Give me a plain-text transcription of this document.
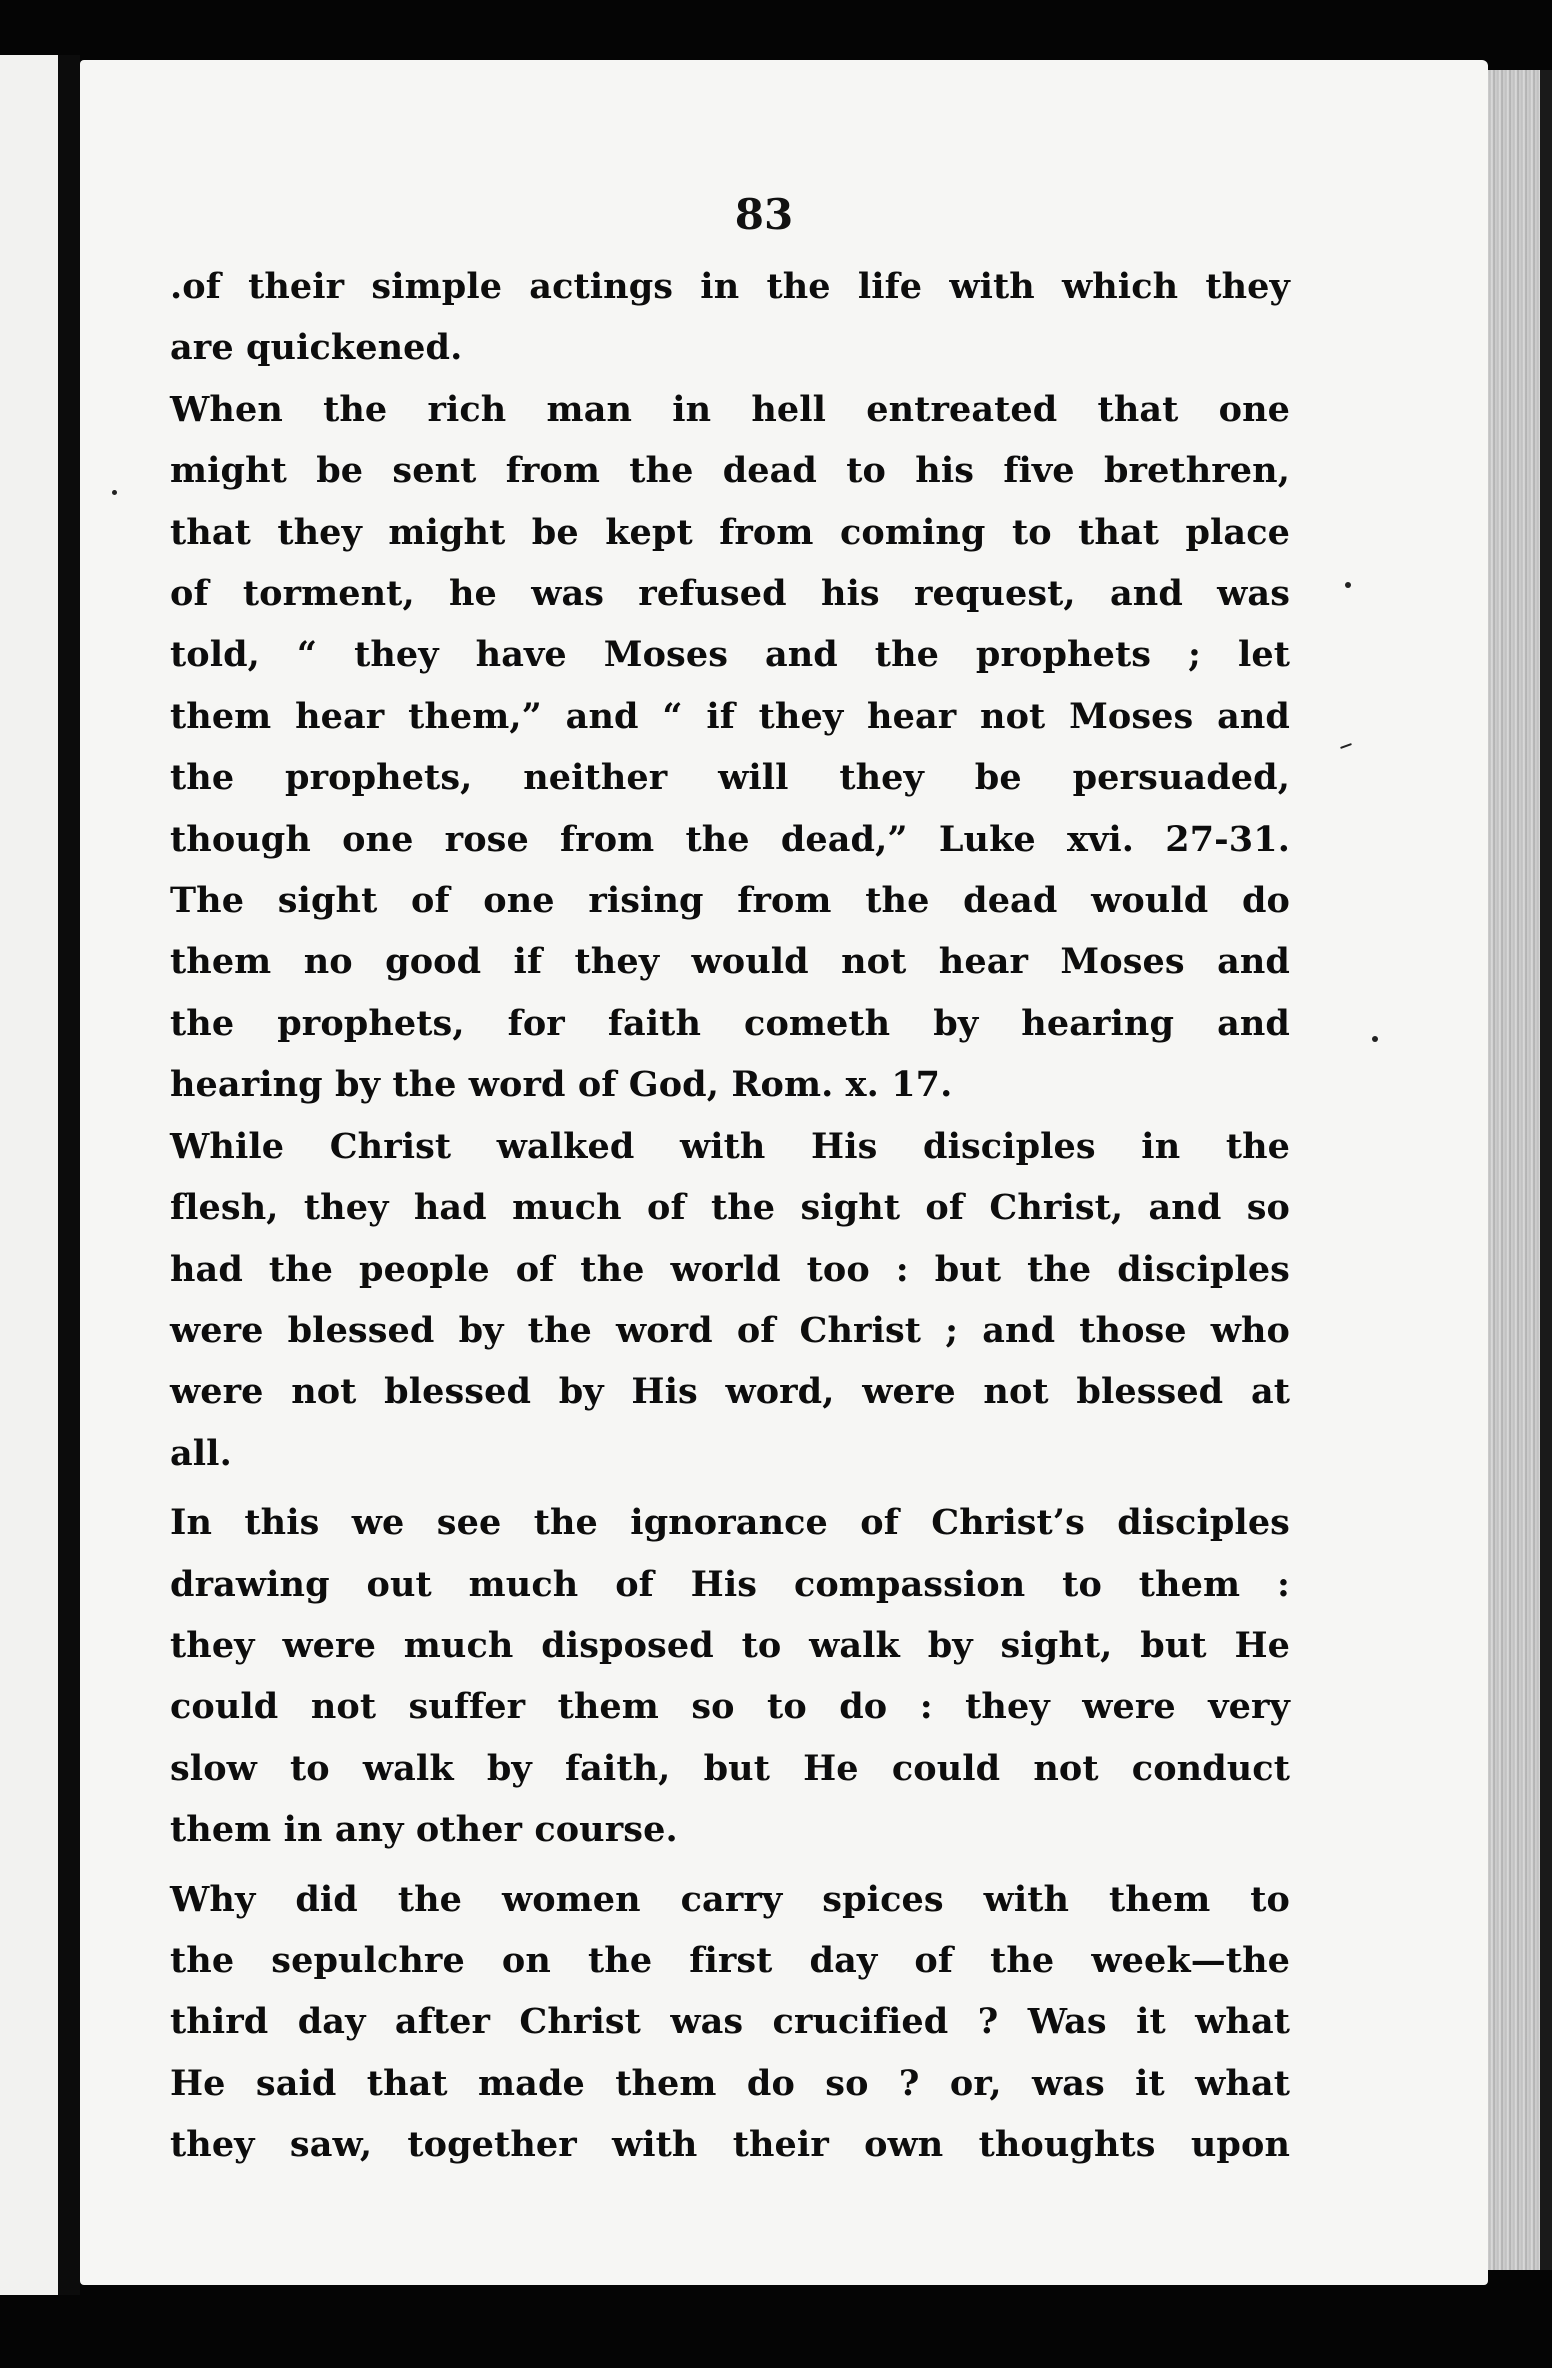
83
.of their simple actings in the life with which they
are quickened.
When the rich man in hell entreated that one
might be sent from the dead to his five brethren,
that they might be kept from coming to that place
of torment, he was refused his request, and was
told, “ they have Moses and the prophets ; let
them hear them,” and “ if they hear not Moses and
the prophets, neither will they be persuaded,
though one rose from the dead,” Luke xvi. 27-31.
The sight of one rising from the dead would do
them no good if they would not hear Moses and
the prophets, for faith cometh by hearing and
hearing by the word of God, Rom. x. 17.
While Christ walked with His disciples in the
flesh, they had much of the sight of Christ, and so
had the people of the world too : but the disciples
were blessed by the word of Christ ; and those who
were not blessed by His word, were not blessed at
all.
In this we see the ignorance of Christ’s disciples
drawing out much of His compassion to them :
they were much disposed to walk by sight, but He
could not suffer them so to do : they were very
slow to walk by faith, but He could not conduct
them in any other course.
Why did the women carry spices with them to
the sepulchre on the first day of the week—the
third day after Christ was crucified ? Was it what
He said that made them do so ? or, was it what
they saw, together with their own thoughts upon
